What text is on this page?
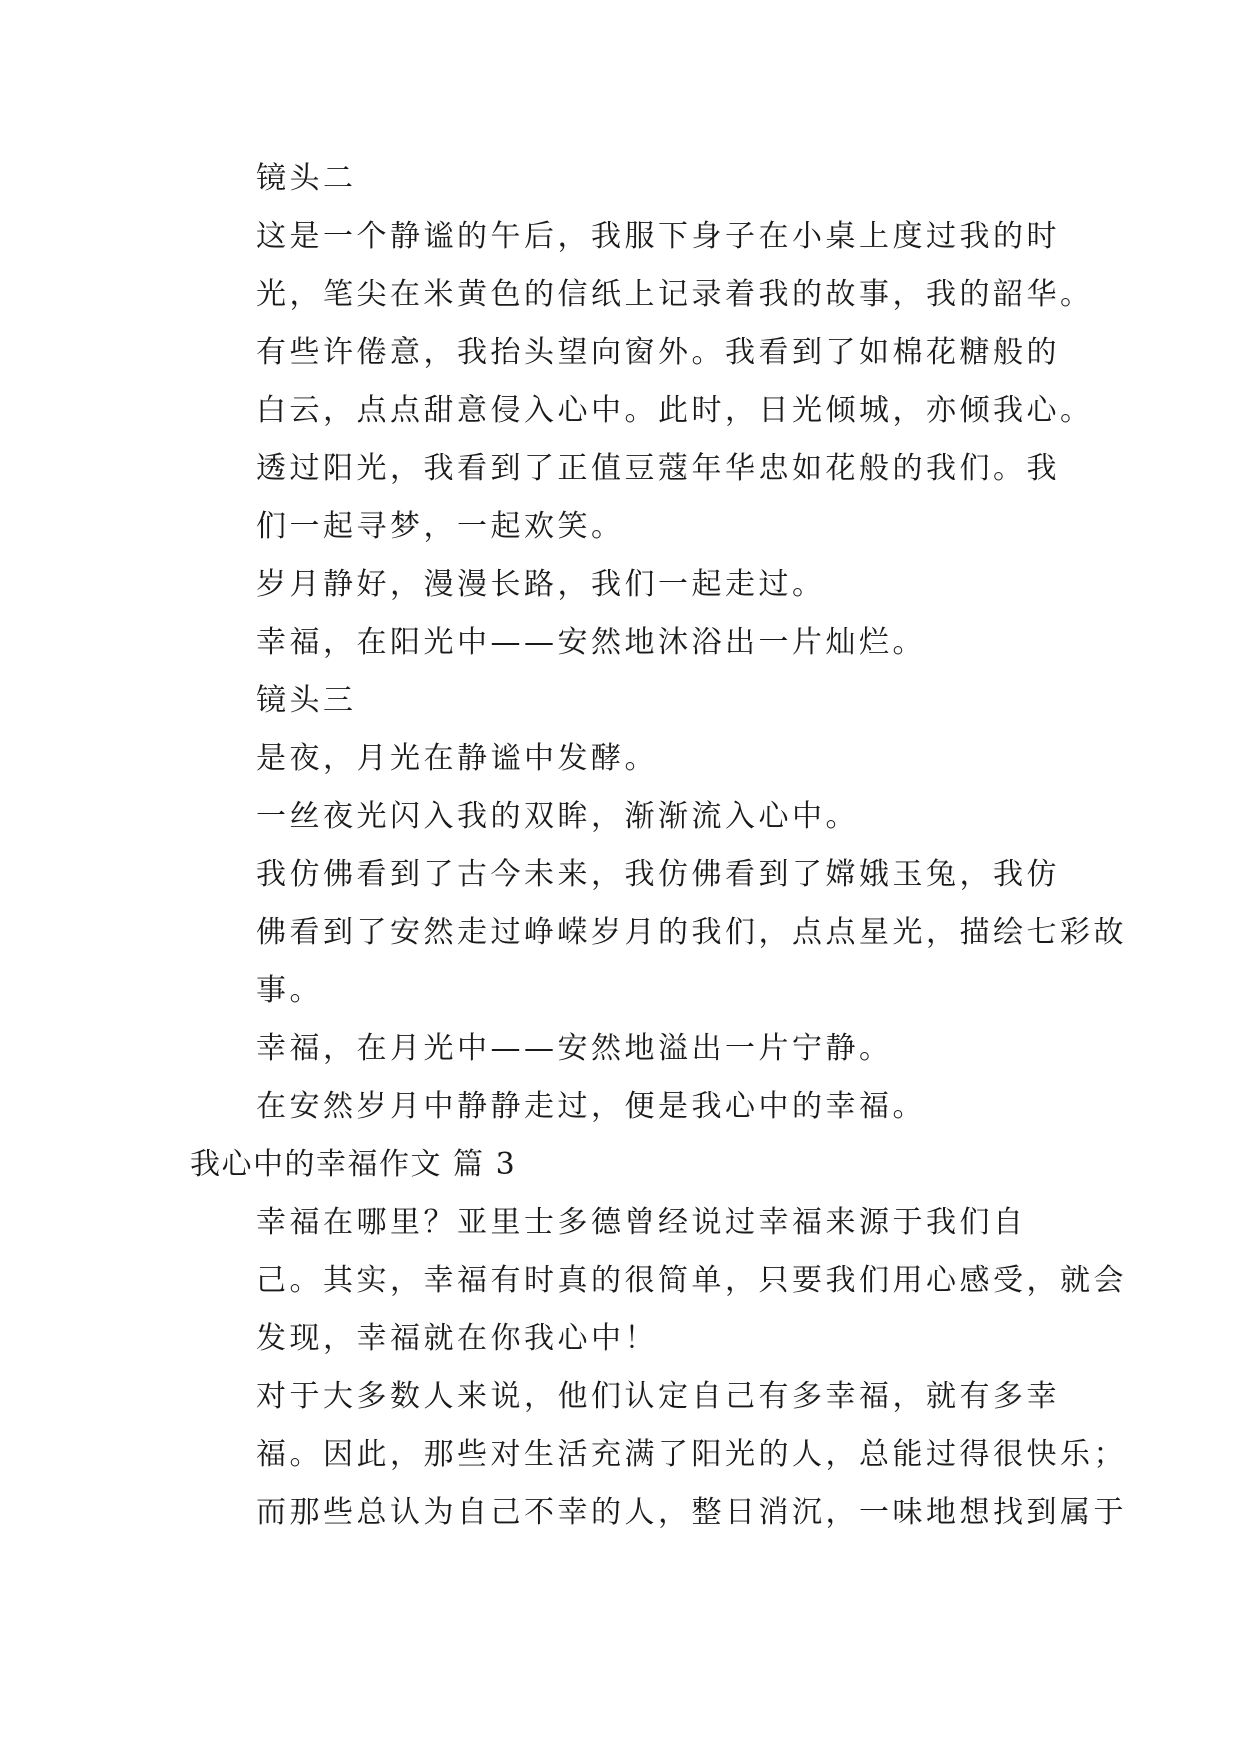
镜头二

这是一个静谧的午后，我服下身子在小桌上度过我的时
光，笔尖在米黄色的信纸上记录着我的故事，我的韶华。

有些许倦意，我抬头望向窗外。我看到了如棉花糖般的
白云，点点甜意侵入心中。此时，日光倾城，亦倾我心。

透过阳光，我看到了正值豆蔻年华忠如花般的我们。我
们一起寻梦，一起欢笑。

岁月静好，漫漫长路，我们一起走过。

幸福，在阳光中——安然地沐浴出一片灿烂。

镜头三

是夜，月光在静谧中发酵。

一丝夜光闪入我的双眸，渐渐流入心中。

我仿佛看到了古今未来，我仿佛看到了嫦娥玉兔，我仿
佛看到了安然走过峥嵘岁月的我们，点点星光，描绘七彩故
事。

幸福，在月光中——安然地溢出一片宁静。

在安然岁月中静静走过，便是我心中的幸福。

我心中的幸福作文 篇 3

幸福在哪里？亚里士多德曾经说过幸福来源于我们自
己。其实，幸福有时真的很简单，只要我们用心感受，就会
发现，幸福就在你我心中！

对于大多数人来说，他们认定自己有多幸福，就有多幸
福。因此，那些对生活充满了阳光的人，总能过得很快乐；
而那些总认为自己不幸的人，整日消沉，一味地想找到属于
